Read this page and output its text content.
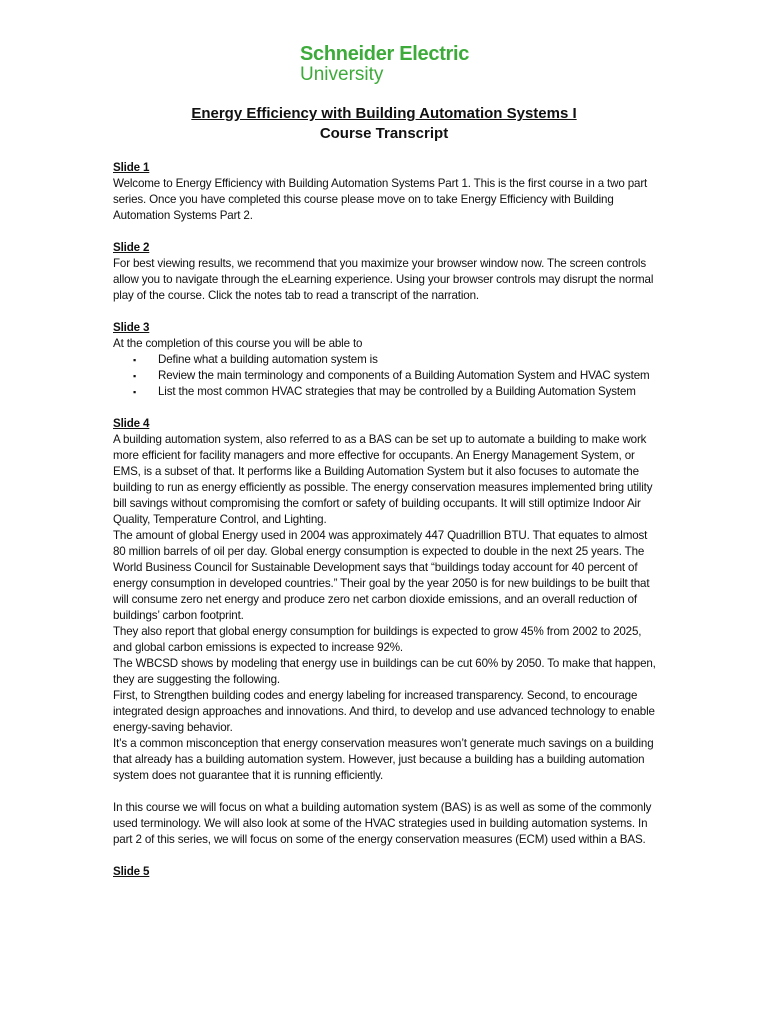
Schneider Electric
University
Energy Efficiency with Building Automation Systems I
Course Transcript
Slide 1

Welcome to Energy Efficiency with Building Automation Systems Part 1. This is the first course in a two part series. Once you have completed this course please move on to take Energy Efficiency with Building Automation Systems Part 2.

Slide 2

For best viewing results, we recommend that you maximize your browser window now. The screen controls allow you to navigate through the eLearning experience. Using your browser controls may disrupt the normal play of the course. Click the notes tab to read a transcript of the narration.

Slide 3

At the completion of this course you will be able to

▪ Define what a building automation system is
▪ Review the main terminology and components of a Building Automation System and HVAC system
▪ List the most common HVAC strategies that may be controlled by a Building Automation System
Slide 4

A building automation system, also referred to as a BAS can be set up to automate a building to make work more efficient for facility managers and more effective for occupants. An Energy Management System, or EMS, is a subset of that. It performs like a Building Automation System but it also focuses to automate the building to run as energy efficiently as possible. The energy conservation measures implemented bring utility bill savings without compromising the comfort or safety of building occupants. It will still optimize Indoor Air Quality, Temperature Control, and Lighting.

The amount of global Energy used in 2004 was approximately 447 Quadrillion BTU. That equates to almost 80 million barrels of oil per day. Global energy consumption is expected to double in the next 25 years. The World Business Council for Sustainable Development says that “buildings today account for 40 percent of energy consumption in developed countries.” Their goal by the year 2050 is for new buildings to be built that will consume zero net energy and produce zero net carbon dioxide emissions, and an overall reduction of buildings’ carbon footprint.

They also report that global energy consumption for buildings is expected to grow 45% from 2002 to 2025, and global carbon emissions is expected to increase 92%.

The WBCSD shows by modeling that energy use in buildings can be cut 60% by 2050. To make that happen, they are suggesting the following.

First, to Strengthen building codes and energy labeling for increased transparency. Second, to encourage integrated design approaches and innovations. And third, to develop and use advanced technology to enable energy-saving behavior.

It’s a common misconception that energy conservation measures won’t generate much savings on a building that already has a building automation system. However, just because a building has a building automation system does not guarantee that it is running efficiently.

In this course we will focus on what a building automation system (BAS) is as well as some of the commonly used terminology. We will also look at some of the HVAC strategies used in building automation systems. In part 2 of this series, we will focus on some of the energy conservation measures (ECM) used within a BAS.

Slide 5
